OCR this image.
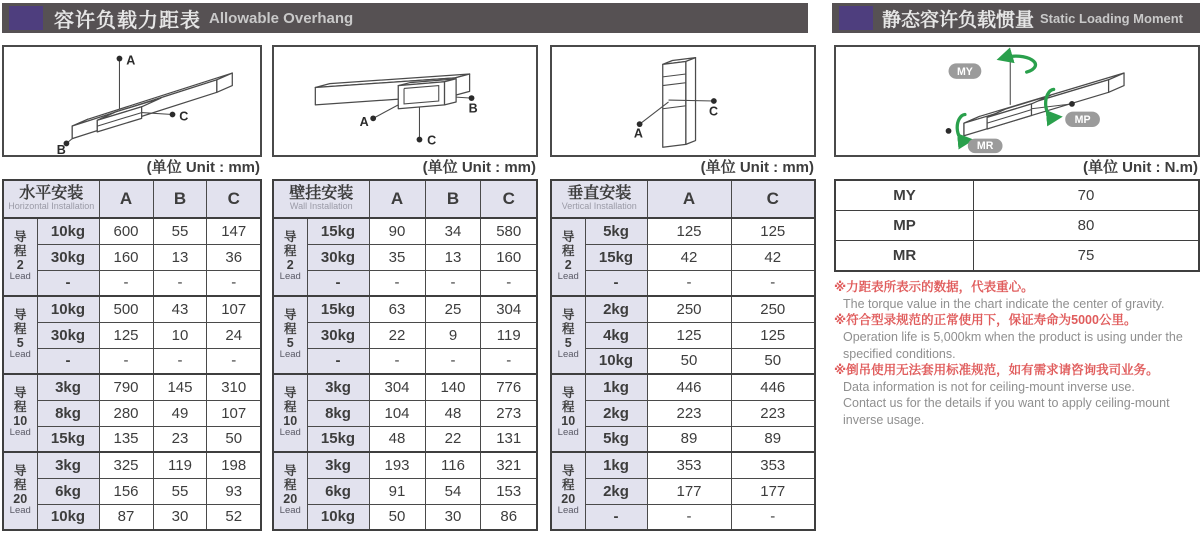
容许负载力距表 Allowable Overhang	静态容许负载惯量 Static Loading Moment
A
B
C
(单位 Unit : mm)
水平安装
Horizontal Installation		A	B	C

导
程
2
Lead	10kg	600	55	147
	30kg	160	13	36
	-	-	-	-

导
程
5
Lead	10kg	500	43	107
	30kg	125	10	24
	-	-	-	-

导
程
10
Lead	3kg	790	145	310
	8kg	280	49	107
	15kg	135	23	50

导
程
20
Lead	3kg	325	119	198
	6kg	156	55	93
	10kg	87	30	52
A
B
C
(单位 Unit : mm)
壁挂安装
Wall Installation		A	B	C

导
程
2
Lead	15kg	90	34	580
	30kg	35	13	160
	-	-	-	-

导
程
5
Lead	15kg	63	25	304
	30kg	22	9	119
	-	-	-	-

导
程
10
Lead	3kg	304	140	776
	8kg	104	48	273
	15kg	48	22	131

导
程
20
Lead	3kg	193	116	321
	6kg	91	54	153
	10kg	50	30	86
A
C
(单位 Unit : mm)
垂直安装
Vertical Installation		A	C

导
程
2
Lead	5kg	125	125
	15kg	42	42
	-	-	-

导
程
5
Lead	2kg	250	250
	4kg	125	125
	10kg	50	50

导
程
10
Lead	1kg	446	446
	2kg	223	223
	5kg	89	89

导
程
20
Lead	1kg	353	353
	2kg	177	177
	-	-	-
MY
MP
MR
(单位 Unit : N.m)
MY	70
MP	80
MR	75
※力距表所表示的数据，代表重心。
The torque value in the chart indicate the center of gravity.
※符合型录规范的正常使用下，保证寿命为5000公里。
Operation life is 5,000km when the product is using under the specified conditions.
※倒吊使用无法套用标准规范，如有需求请咨询我司业务。
Data information is not for ceiling-mount inverse use.
Contact us for the details if you want to apply ceiling-mount inverse usage.
